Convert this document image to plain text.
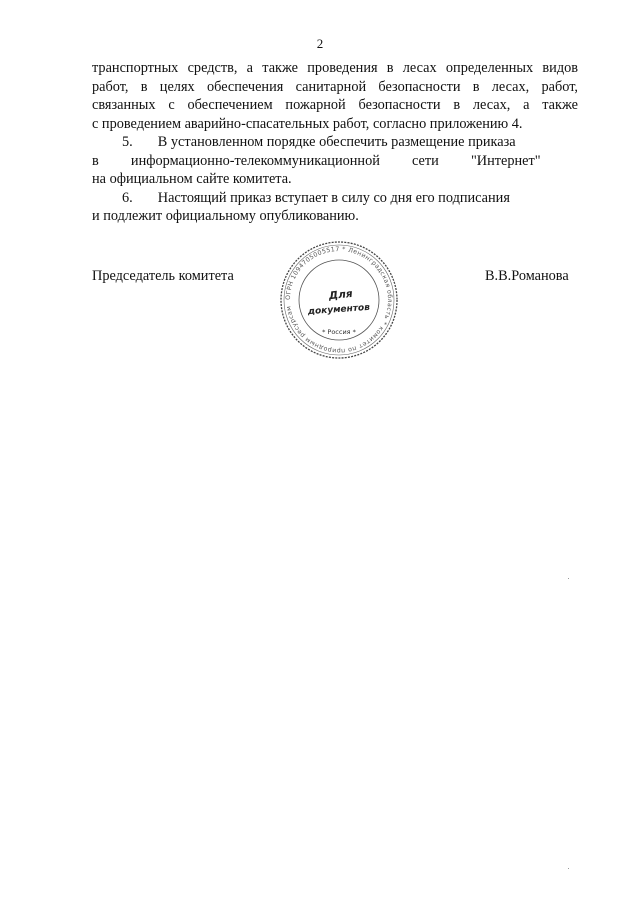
2
транспортных средств, а также проведения в лесах определенных видов
работ, в целях обеспечения санитарной безопасности в лесах, работ,
связанных с обеспечением пожарной безопасности в лесах, а также
с проведением аварийно-спасательных работ, согласно приложению 4.
5.       В установленном порядке обеспечить размещение приказа
в         информационно-телекоммуникационной         сети         "Интернет"
на официальном сайте комитета.
6.       Настоящий приказ вступает в силу со дня его подписания
и подлежит официальному опубликованию.
Председатель комитета	В.В.Романова
ОГРН 1094705005517 * Ленинградская область * комитет по природным ресурсам
Для
документов
* Россия *
